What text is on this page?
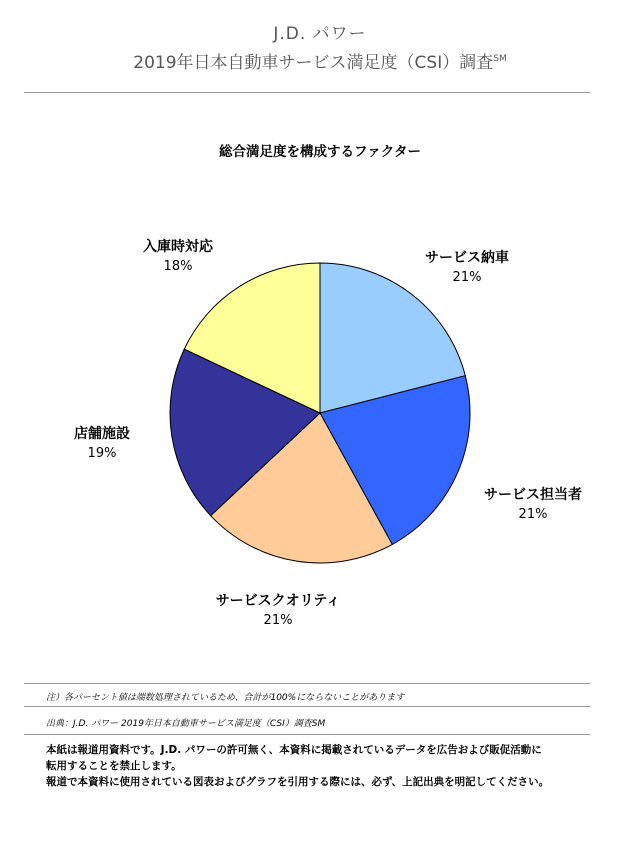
J.D. パワー
2019年日本自動車サービス満足度（CSI）調査℠
総合満足度を構成するファクター
サービス納車
21%
サービス担当者
21%
サービスクオリティ
21%
店舗施設
19%
入庫時対応
18%
注）各パーセント値は端数処理されているため、合計が100%にならないことがあります
出典：J.D. パワー 2019年日本自動車サービス満足度（CSI）調査SM

本紙は報道用資料です。J.D. パワーの許可無く、本資料に掲載されているデータを広告および販促活動に

転用することを禁止します。

報道で本資料に使用されている図表およびグラフを引用する際には、必ず、上記出典を明記してください。
